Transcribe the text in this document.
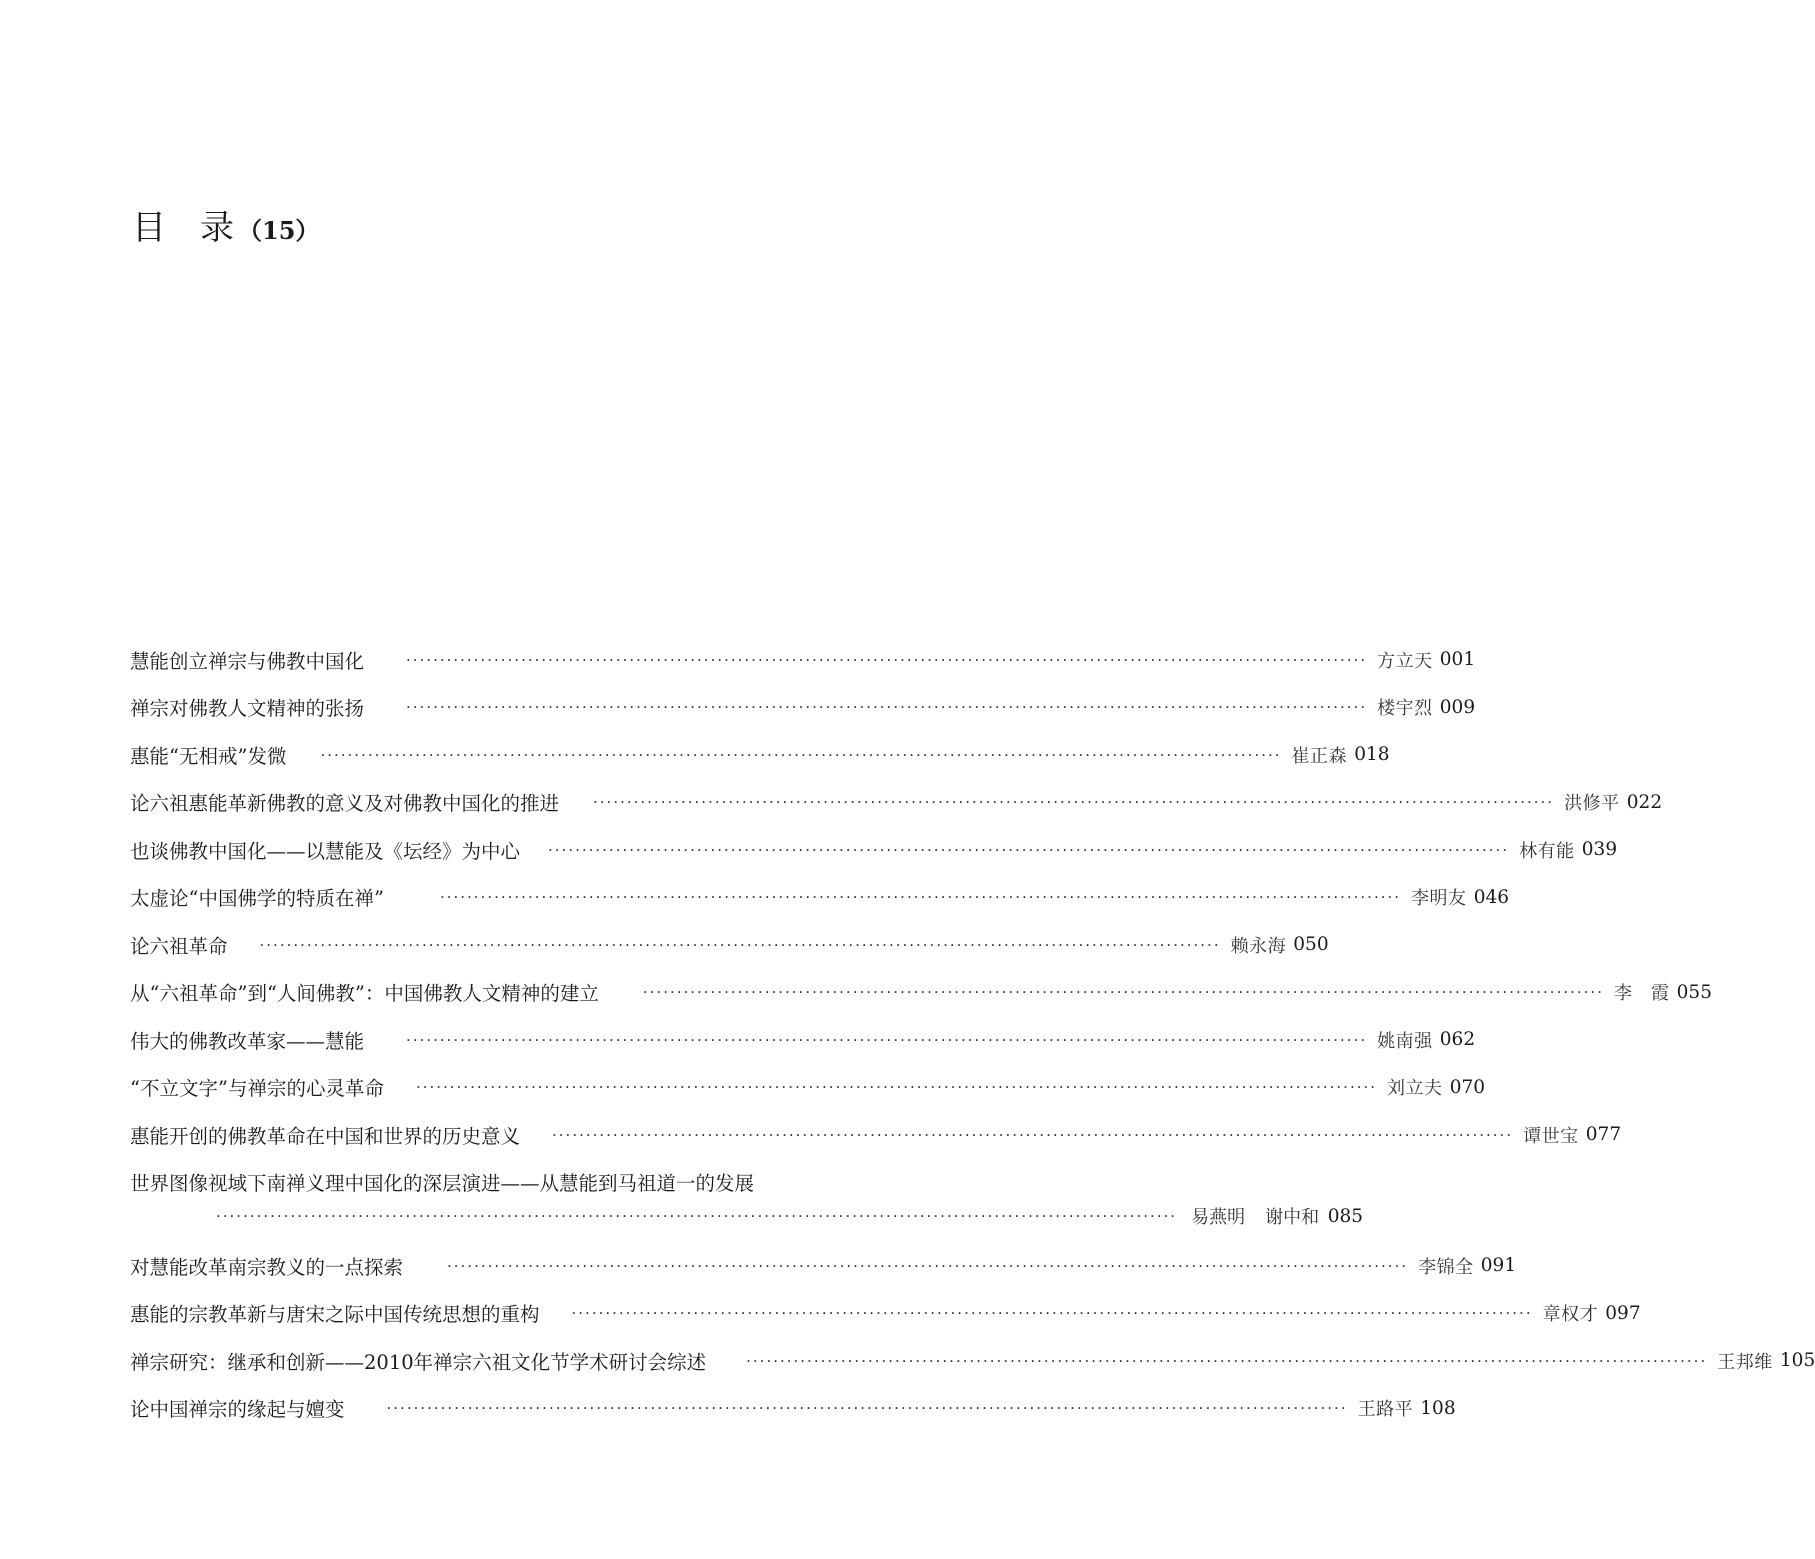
目 录 （15）
慧能创立禅宗与佛教中国化	·············································································································································· 方立天 001
禅宗对佛教人文精神的张扬	·············································································································································· 楼宇烈 009
惠能“无相戒”发微 ·············································································································································· 崔正森 018
论六祖惠能革新佛教的意义及对佛教中国化的推进 ·············································································································································· 洪修平 022
也谈佛教中国化——以慧能及《坛经》为中心 ·············································································································································· 林有能 039
太虚论“中国佛学的特质在禅”	·············································································································································· 李明友 046
论六祖革命 ·············································································································································· 赖永海 050
从“六祖革命”到“人间佛教”：中国佛教人文精神的建立	·············································································································································· 李　霞 055
伟大的佛教改革家——慧能	·············································································································································· 姚南强 062
“不立文字”与禅宗的心灵革命 ·············································································································································· 刘立夫 070
惠能开创的佛教革命在中国和世界的历史意义 ·············································································································································· 谭世宝 077
世界图像视域下南禅义理中国化的深层演进——从慧能到马祖道一的发展
·············································································································································· 易燕明	谢中和 085
对慧能改革南宗教义的一点探索	·············································································································································· 李锦全 091
惠能的宗教革新与唐宋之际中国传统思想的重构 ·············································································································································· 章权才 097
禅宗研究：继承和创新——2010年禅宗六祖文化节学术研讨会综述	·············································································································································· 王邦维 105
论中国禅宗的缘起与嬗变	·············································································································································· 王路平 108
